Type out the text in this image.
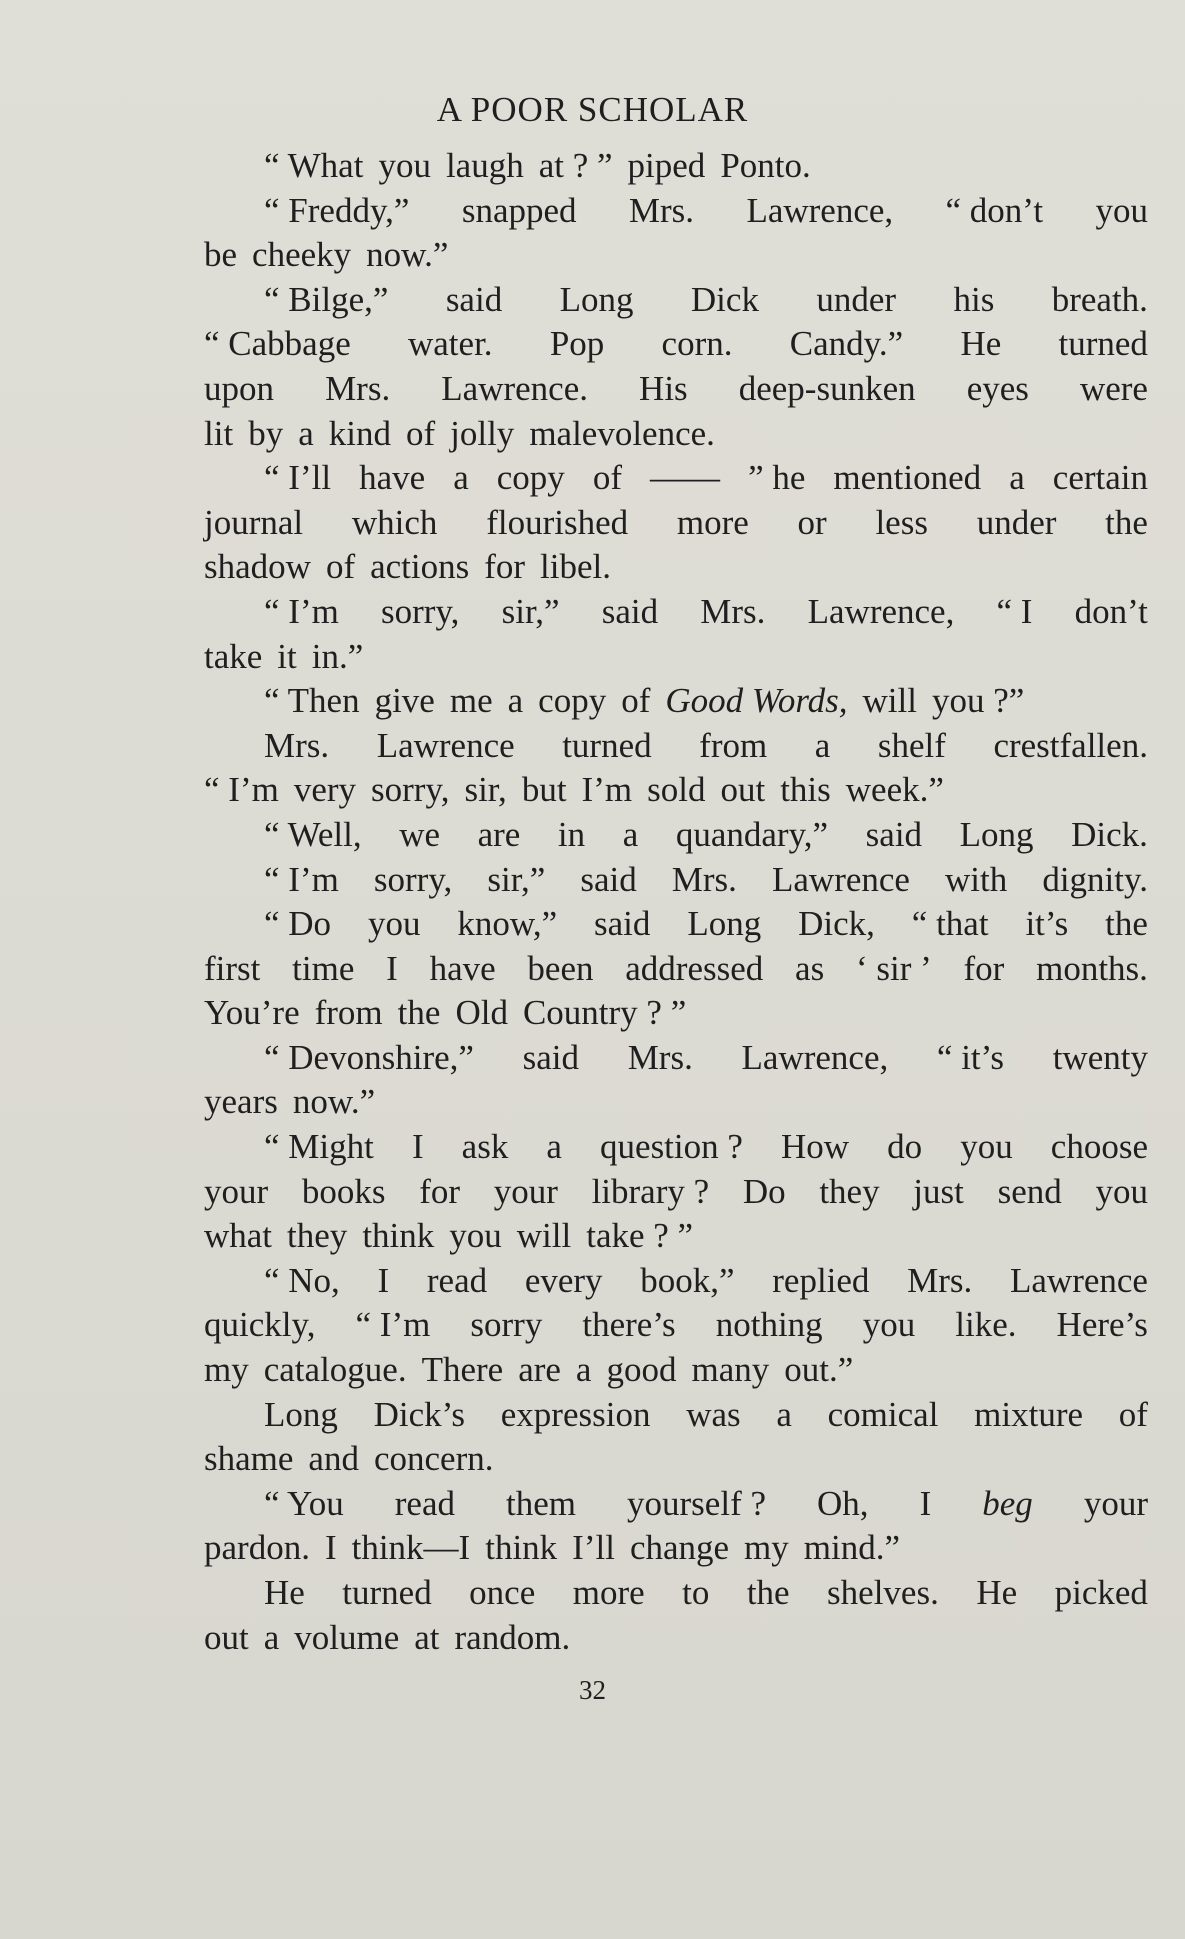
A POOR SCHOLAR
“ What you laugh at ? ” piped Ponto.
“ Freddy,” snapped Mrs. Lawrence, “ don’t you
be cheeky now.”
“ Bilge,” said Long Dick under his breath.
“ Cabbage water. Pop corn. Candy.” He turned
upon Mrs. Lawrence. His deep-sunken eyes were
lit by a kind of jolly malevolence.
“ I’ll have a copy of —— ” he mentioned a certain
journal which flourished more or less under the
shadow of actions for libel.
“ I’m sorry, sir,” said Mrs. Lawrence, “ I don’t
take it in.”
“ Then give me a copy of Good Words, will you ?”
Mrs. Lawrence turned from a shelf crestfallen.
“ I’m very sorry, sir, but I’m sold out this week.”
“ Well, we are in a quandary,” said Long Dick.
“ I’m sorry, sir,” said Mrs. Lawrence with dignity.
“ Do you know,” said Long Dick, “ that it’s the
first time I have been addressed as ‘ sir ’ for months.
You’re from the Old Country ? ”
“ Devonshire,” said Mrs. Lawrence, “ it’s twenty
years now.”
“ Might I ask a question ? How do you choose
your books for your library ? Do they just send you
what they think you will take ? ”
“ No, I read every book,” replied Mrs. Lawrence
quickly, “ I’m sorry there’s nothing you like. Here’s
my catalogue. There are a good many out.”
Long Dick’s expression was a comical mixture of
shame and concern.
“ You read them yourself ? Oh, I beg your
pardon. I think—I think I’ll change my mind.”
He turned once more to the shelves. He picked
out a volume at random.
32
